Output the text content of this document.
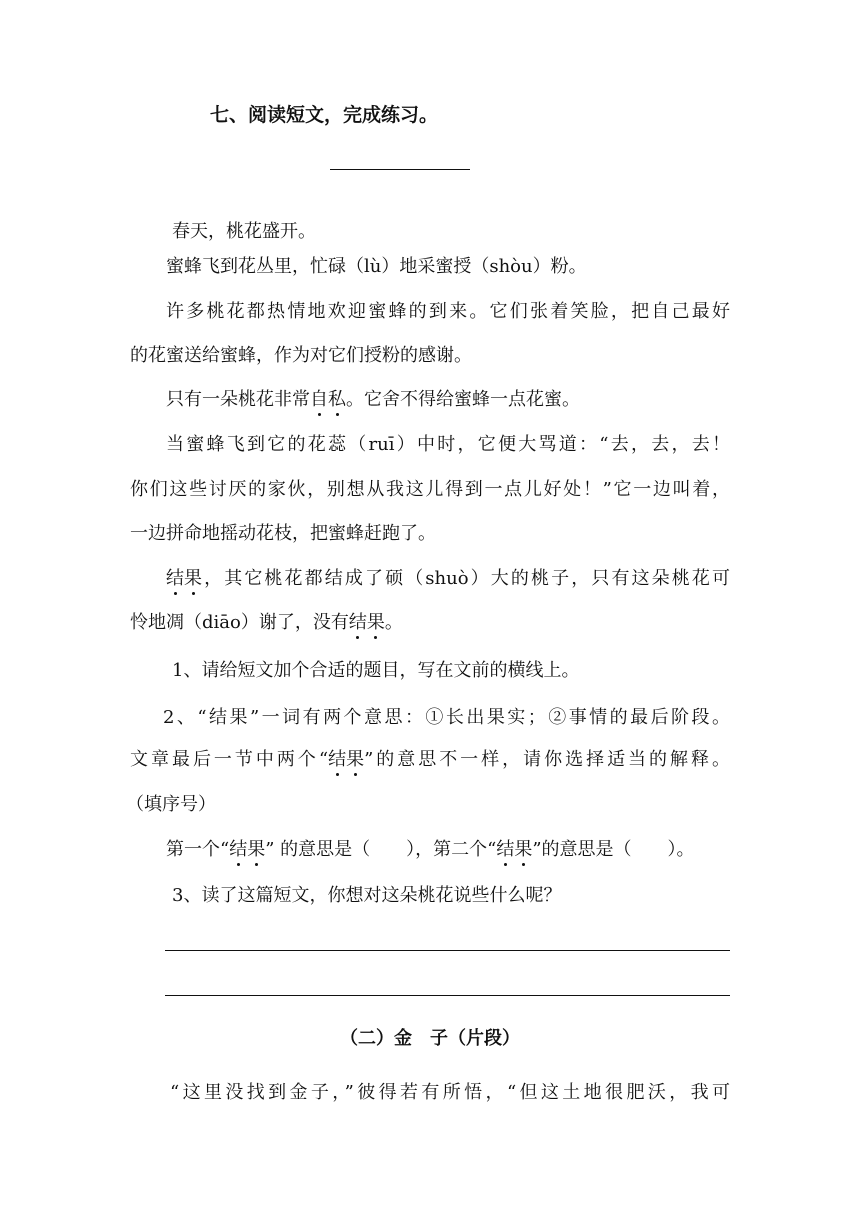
七、阅读短文，完成练习。
春天，桃花盛开。
蜜蜂飞到花丛里，忙碌（lù）地采蜜授（shòu）粉。
许多桃花都热情地欢迎蜜蜂的到来。它们张着笑脸，把自己最好
的花蜜送给蜜蜂，作为对它们授粉的感谢。
只有一朵桃花非常自私。它舍不得给蜜蜂一点花蜜。
当蜜蜂飞到它的花蕊（ruī）中时，它便大骂道：“去，去，去！
你们这些讨厌的家伙，别想从我这儿得到一点儿好处！”它一边叫着，
一边拼命地摇动花枝，把蜜蜂赶跑了。
结果，其它桃花都结成了硕（shuò）大的桃子，只有这朵桃花可
怜地凋（diāo）谢了，没有结果。
1、请给短文加个合适的题目，写在文前的横线上。
2、“结果”一词有两个意思：①长出果实；②事情的最后阶段。
文章最后一节中两个“结果”的意思不一样，请你选择适当的解释。
（填序号）
第一个“结果” 的意思是（　　），第二个“结果”的意思是（　　）。
3、读了这篇短文，你想对这朵桃花说些什么呢？
（二）金　子（片段）
“这里没找到金子，”彼得若有所悟，“但这土地很肥沃，我可
